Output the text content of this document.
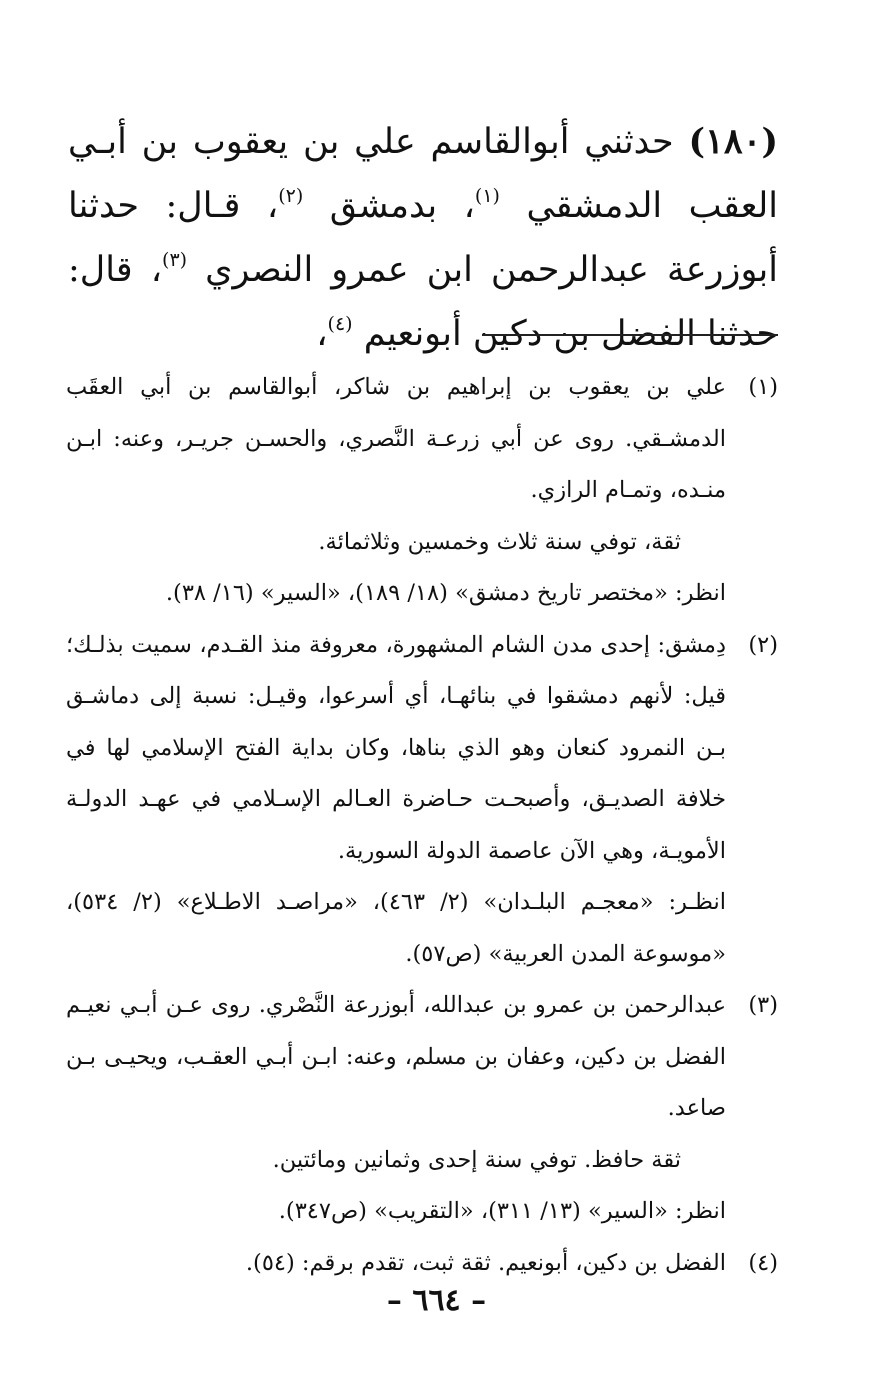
(١٨٠) حدثني أبوالقاسم علي بن يعقوب بن أبـي العقب الدمشقي $^{(١)}$، بدمشق $^{(٢)}$، قـال: حدثنا أبوزرعة عبدالرحمن ابن عمرو النصري $^{(٣)}$، قال: حدثنا الفضل بن دكين أبونعيم $^{(٤)}$،
(١)

علي بن يعقوب بن إبراهيم بن شاكر، أبوالقاسم بن أبي العقَب الدمشـقي. روى عن أبي زرعـة النَّصري، والحسـن جريـر، وعنه: ابـن منـده، وتمـام الرازي.

ثقة، توفي سنة ثلاث وخمسين وثلاثمائة.

انظر: «مختصر تاريخ دمشق» (١٨/ ١٨٩)، «السير» (١٦/ ٣٨).

(٢)

دِمشق: إحدى مدن الشام المشهورة، معروفة منذ القـدم، سميت بذلـك؛ قيل: لأنهم دمشقوا في بنائهـا، أي أسرعوا، وقيـل: نسبة إلى دماشـق بـن النمرود كنعان وهو الذي بناها، وكان بداية الفتح الإسلامي لها في خلافة الصديـق، وأصبحـت حـاضرة العـالم الإسـلامي في عهـد الدولـة الأمويـة، وهي الآن عاصمة الدولة السورية.

انظـر: «معجـم البلـدان» (٢/ ٤٦٣)، «مراصـد الاطـلاع» (٢/ ٥٣٤)، «موسوعة المدن العربية» (ص٥٧).

(٣)

عبدالرحمن بن عمرو بن عبدالله، أبوزرعة النَّصْري. روى عـن أبـي نعيـم الفضل بن دكين، وعفان بن مسلم، وعنه: ابـن أبـي العقـب، ويحيـى بـن صاعد.

ثقة حافظ. توفي سنة إحدى وثمانين ومائتين.

انظر: «السير» (١٣/ ٣١١)، «التقريب» (ص٣٤٧).

(٤)

الفضل بن دكين، أبونعيم. ثقة ثبت، تقدم برقم: (٥٤).

– ٦٦٤ –
